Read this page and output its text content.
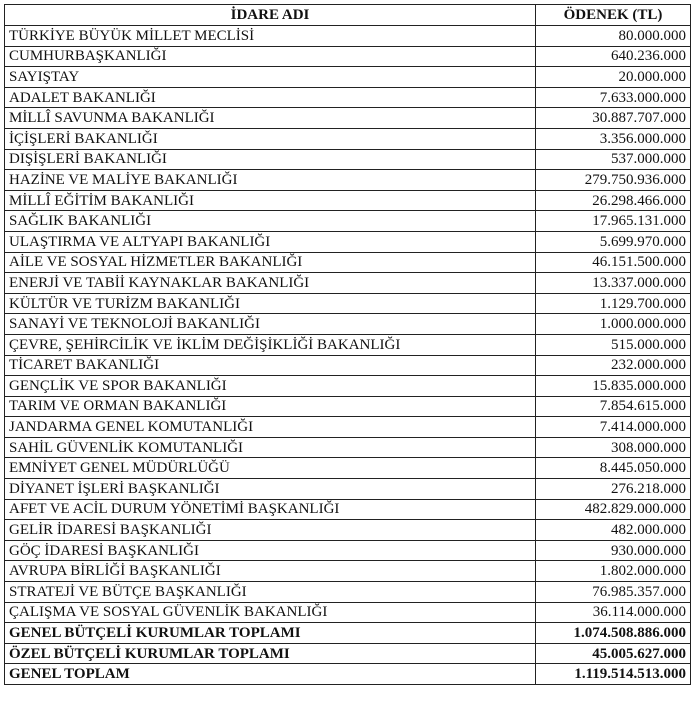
İDARE ADI	ÖDENEK (TL)
TÜRKİYE BÜYÜK MİLLET MECLİSİ	80.000.000
CUMHURBAŞKANLIĞI	640.236.000
SAYIŞTAY	20.000.000
ADALET BAKANLIĞI	7.633.000.000
MİLLÎ SAVUNMA BAKANLIĞI	30.887.707.000
İÇİŞLERİ BAKANLIĞI	3.356.000.000
DIŞİŞLERİ BAKANLIĞI	537.000.000
HAZİNE VE MALİYE BAKANLIĞI	279.750.936.000
MİLLÎ EĞİTİM BAKANLIĞI	26.298.466.000
SAĞLIK BAKANLIĞI	17.965.131.000
ULAŞTIRMA VE ALTYAPI BAKANLIĞI	5.699.970.000
AİLE VE SOSYAL HİZMETLER BAKANLIĞI	46.151.500.000
ENERJİ VE TABİİ KAYNAKLAR BAKANLIĞI	13.337.000.000
KÜLTÜR VE TURİZM BAKANLIĞI	1.129.700.000
SANAYİ VE TEKNOLOJİ BAKANLIĞI	1.000.000.000
ÇEVRE, ŞEHİRCİLİK VE İKLİM DEĞİŞİKLİĞİ BAKANLIĞI	515.000.000
TİCARET BAKANLIĞI	232.000.000
GENÇLİK VE SPOR BAKANLIĞI	15.835.000.000
TARIM VE ORMAN BAKANLIĞI	7.854.615.000
JANDARMA GENEL KOMUTANLIĞI	7.414.000.000
SAHİL GÜVENLİK KOMUTANLIĞI	308.000.000
EMNİYET GENEL MÜDÜRLÜĞÜ	8.445.050.000
DİYANET İŞLERİ BAŞKANLIĞI	276.218.000
AFET VE ACİL DURUM YÖNETİMİ BAŞKANLIĞI	482.829.000.000
GELİR İDARESİ BAŞKANLIĞI	482.000.000
GÖÇ İDARESİ BAŞKANLIĞI	930.000.000
AVRUPA BİRLİĞİ BAŞKANLIĞI	1.802.000.000
STRATEJİ VE BÜTÇE BAŞKANLIĞI	76.985.357.000
ÇALIŞMA VE SOSYAL GÜVENLİK BAKANLIĞI	36.114.000.000
GENEL BÜTÇELİ KURUMLAR TOPLAMI	1.074.508.886.000
ÖZEL BÜTÇELİ KURUMLAR TOPLAMI	45.005.627.000
GENEL TOPLAM	1.119.514.513.000
